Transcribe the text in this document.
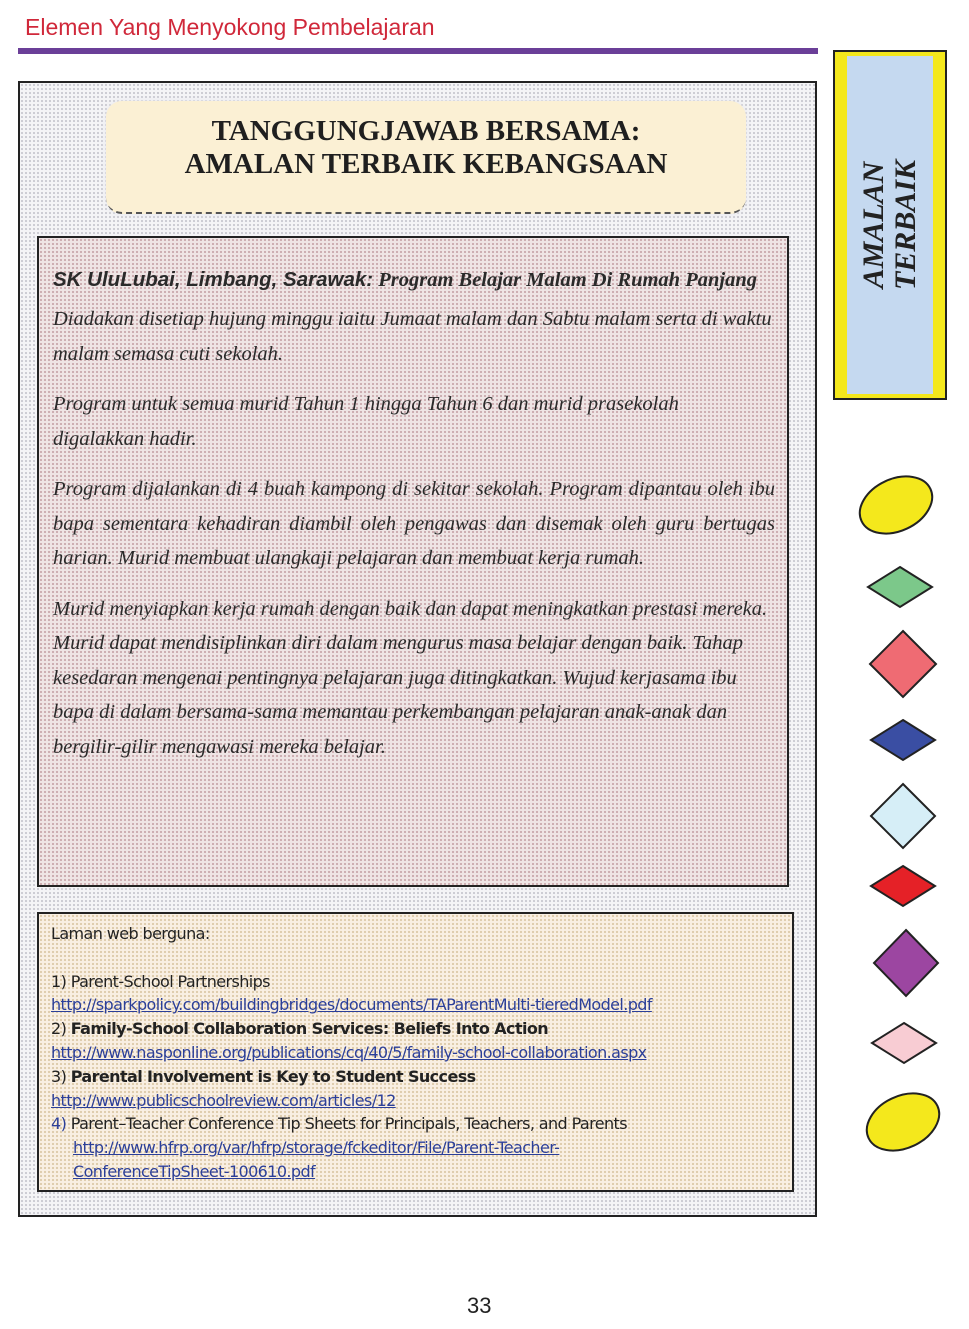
Elemen Yang Menyokong Pembelajaran
TANGGUNGJAWAB BERSAMA:
AMALAN TERBAIK KEBANGSAAN

SK UluLubai, Limbang, Sarawak: Program Belajar Malam Di Rumah Panjang

Diadakan disetiap hujung minggu iaitu Jumaat malam dan Sabtu malam serta di waktu malam semasa cuti sekolah.

Program untuk semua murid Tahun 1 hingga Tahun 6 dan murid prasekolah digalakkan hadir.

Program dijalankan di 4 buah kampong di sekitar sekolah. Program dipantau oleh ibu bapa sementara kehadiran diambil oleh pengawas dan disemak oleh guru bertugas harian. Murid membuat ulangkaji pelajaran dan membuat kerja rumah.

Murid menyiapkan kerja rumah dengan baik dan dapat meningkatkan prestasi mereka. Murid dapat mendisiplinkan diri dalam mengurus masa belajar dengan baik. Tahap kesedaran mengenai pentingnya pelajaran juga ditingkatkan. Wujud kerjasama ibu bapa di dalam bersama-sama memantau perkembangan pelajaran anak-anak dan bergilir-gilir mengawasi mereka belajar.

Laman web berguna:

1) Parent-School Partnerships
http://sparkpolicy.com/buildingbridges/documents/TAParentMulti-tieredModel.pdf
2) Family-School Collaboration Services: Beliefs Into Action
http://www.nasponline.org/publications/cq/40/5/family-school-collaboration.aspx
3) Parental Involvement is Key to Student Success
http://www.publicschoolreview.com/articles/12
4) Parent–Teacher Conference Tip Sheets for Principals, Teachers, and Parents
http://www.hfrp.org/var/hfrp/storage/fckeditor/File/Parent-Teacher-
ConferenceTipSheet-100610.pdf
AMALAN TERBAIK
33
